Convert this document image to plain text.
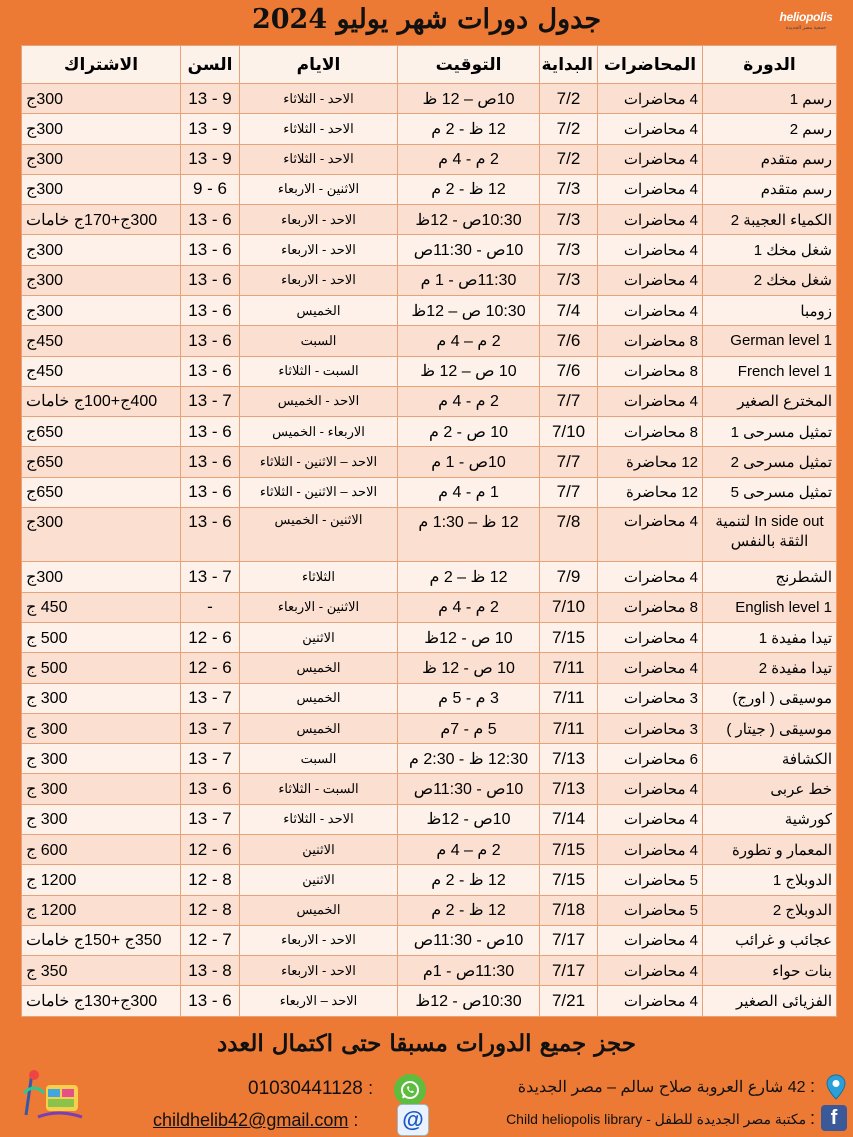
جدول دورات شهر يوليو 2024	heliopolis
جمعية مصر الجديدة
الدورة	المحاضرات	البداية	التوقيت	الايام	السن	الاشتراك
رسم 1	4 محاضرات	7/2	10ص – 12 ظ	الاحد - الثلاثاء	9 - 13	300ج
رسم 2	4 محاضرات	7/2	12 ظ - 2 م	الاحد - الثلاثاء	9 - 13	300ج
رسم متقدم	4 محاضرات	7/2	2 م - 4 م	الاحد - الثلاثاء	9 - 13	300ج
رسم متقدم	4 محاضرات	7/3	12 ظ - 2 م	الاثنين - الاربعاء	6 - 9	300ج
الكمياء العجيبة 2	4 محاضرات	7/3	10:30ص - 12ظ	الاحد - الاربعاء	6 - 13	300ج+170ج خامات
شغل مخك 1	4 محاضرات	7/3	10ص - 11:30ص	الاحد - الاربعاء	6 - 13	300ج
شغل مخك 2	4 محاضرات	7/3	11:30ص - 1 م	الاحد - الاربعاء	6 - 13	300ج
زومبا	4 محاضرات	7/4	10:30 ص – 12ظ	الخميس	6 - 13	300ج
German level 1	8 محاضرات	7/6	2 م – 4 م	السبت	6 - 13	450ج
French level 1	8 محاضرات	7/6	10 ص – 12 ظ	السبت - الثلاثاء	6 - 13	450ج
المخترع الصغير	4 محاضرات	7/7	2 م - 4 م	الاحد - الخميس	7 - 13	400ج+100ج خامات
تمثيل مسرحى 1	8 محاضرات	7/10	10 ص - 2 م	الاربعاء - الخميس	6 - 13	650ج
تمثيل مسرحى 2	12 محاضرة	7/7	10ص - 1 م	الاحد – الاثنين - الثلاثاء	6 - 13	650ج
تمثيل مسرحى 5	12 محاضرة	7/7	1 م - 4 م	الاحد – الاثنين - الثلاثاء	6 - 13	650ج
In side out لتنمية الثقة بالنفس	4 محاضرات	7/8	12 ظ – 1:30 م	الاثنين - الخميس	6 - 13	300ج
الشطرنج	4 محاضرات	7/9	12 ظ – 2 م	الثلاثاء	7 - 13	300ج
English level 1	8 محاضرات	7/10	2 م - 4 م	الاثنين - الاربعاء	-	450 ج
تيدا مفيدة 1	4 محاضرات	7/15	10 ص - 12ظ	الاثنين	6 - 12	500 ج
تيدا مفيدة 2	4 محاضرات	7/11	10 ص - 12 ظ	الخميس	6 - 12	500 ج
موسيقى ( اورج)	3 محاضرات	7/11	3 م - 5 م	الخميس	7 - 13	300 ج
موسيقى ( جيتار )	3 محاضرات	7/11	5 م - 7م	الخميس	7 - 13	300 ج
الكشافة	6 محاضرات	7/13	12:30 ظ - 2:30 م	السبت	7 - 13	300 ج
خط عربى	4 محاضرات	7/13	10ص - 11:30ص	السبت - الثلاثاء	6 - 13	300 ج
كورشية	4 محاضرات	7/14	10ص - 12ظ	الاحد - الثلاثاء	7 - 13	300 ج
المعمار و تطورة	4 محاضرات	7/15	2 م – 4 م	الاثنين	6 - 12	600 ج
الدوبلاج 1	5 محاضرات	7/15	12 ظ - 2 م	الاثنين	8 - 12	1200 ج
الدوبلاج 2	5 محاضرات	7/18	12 ظ - 2 م	الخميس	8 - 12	1200 ج
عجائب و غرائب	4 محاضرات	7/17	10ص - 11:30ص	الاحد - الاربعاء	7 - 12	350ج +150ج خامات
بنات حواء	4 محاضرات	7/17	11:30ص - 1م	الاحد - الاربعاء	8 - 13	350 ج
الفزيائى الصغير	4 محاضرات	7/21	10:30ص - 12ظ	الاحد – الاربعاء	6 - 13	300ج+130ج خامات
حجز جميع الدورات مسبقا حتى اكتمال العدد
: 42 شارع العروبة صلاح سالم – مصر الجديدة
f
: مكتبة مصر الجديدة للطفل - Child heliopolis library
01030441128 :
@
childhelib42@gmail.com :
